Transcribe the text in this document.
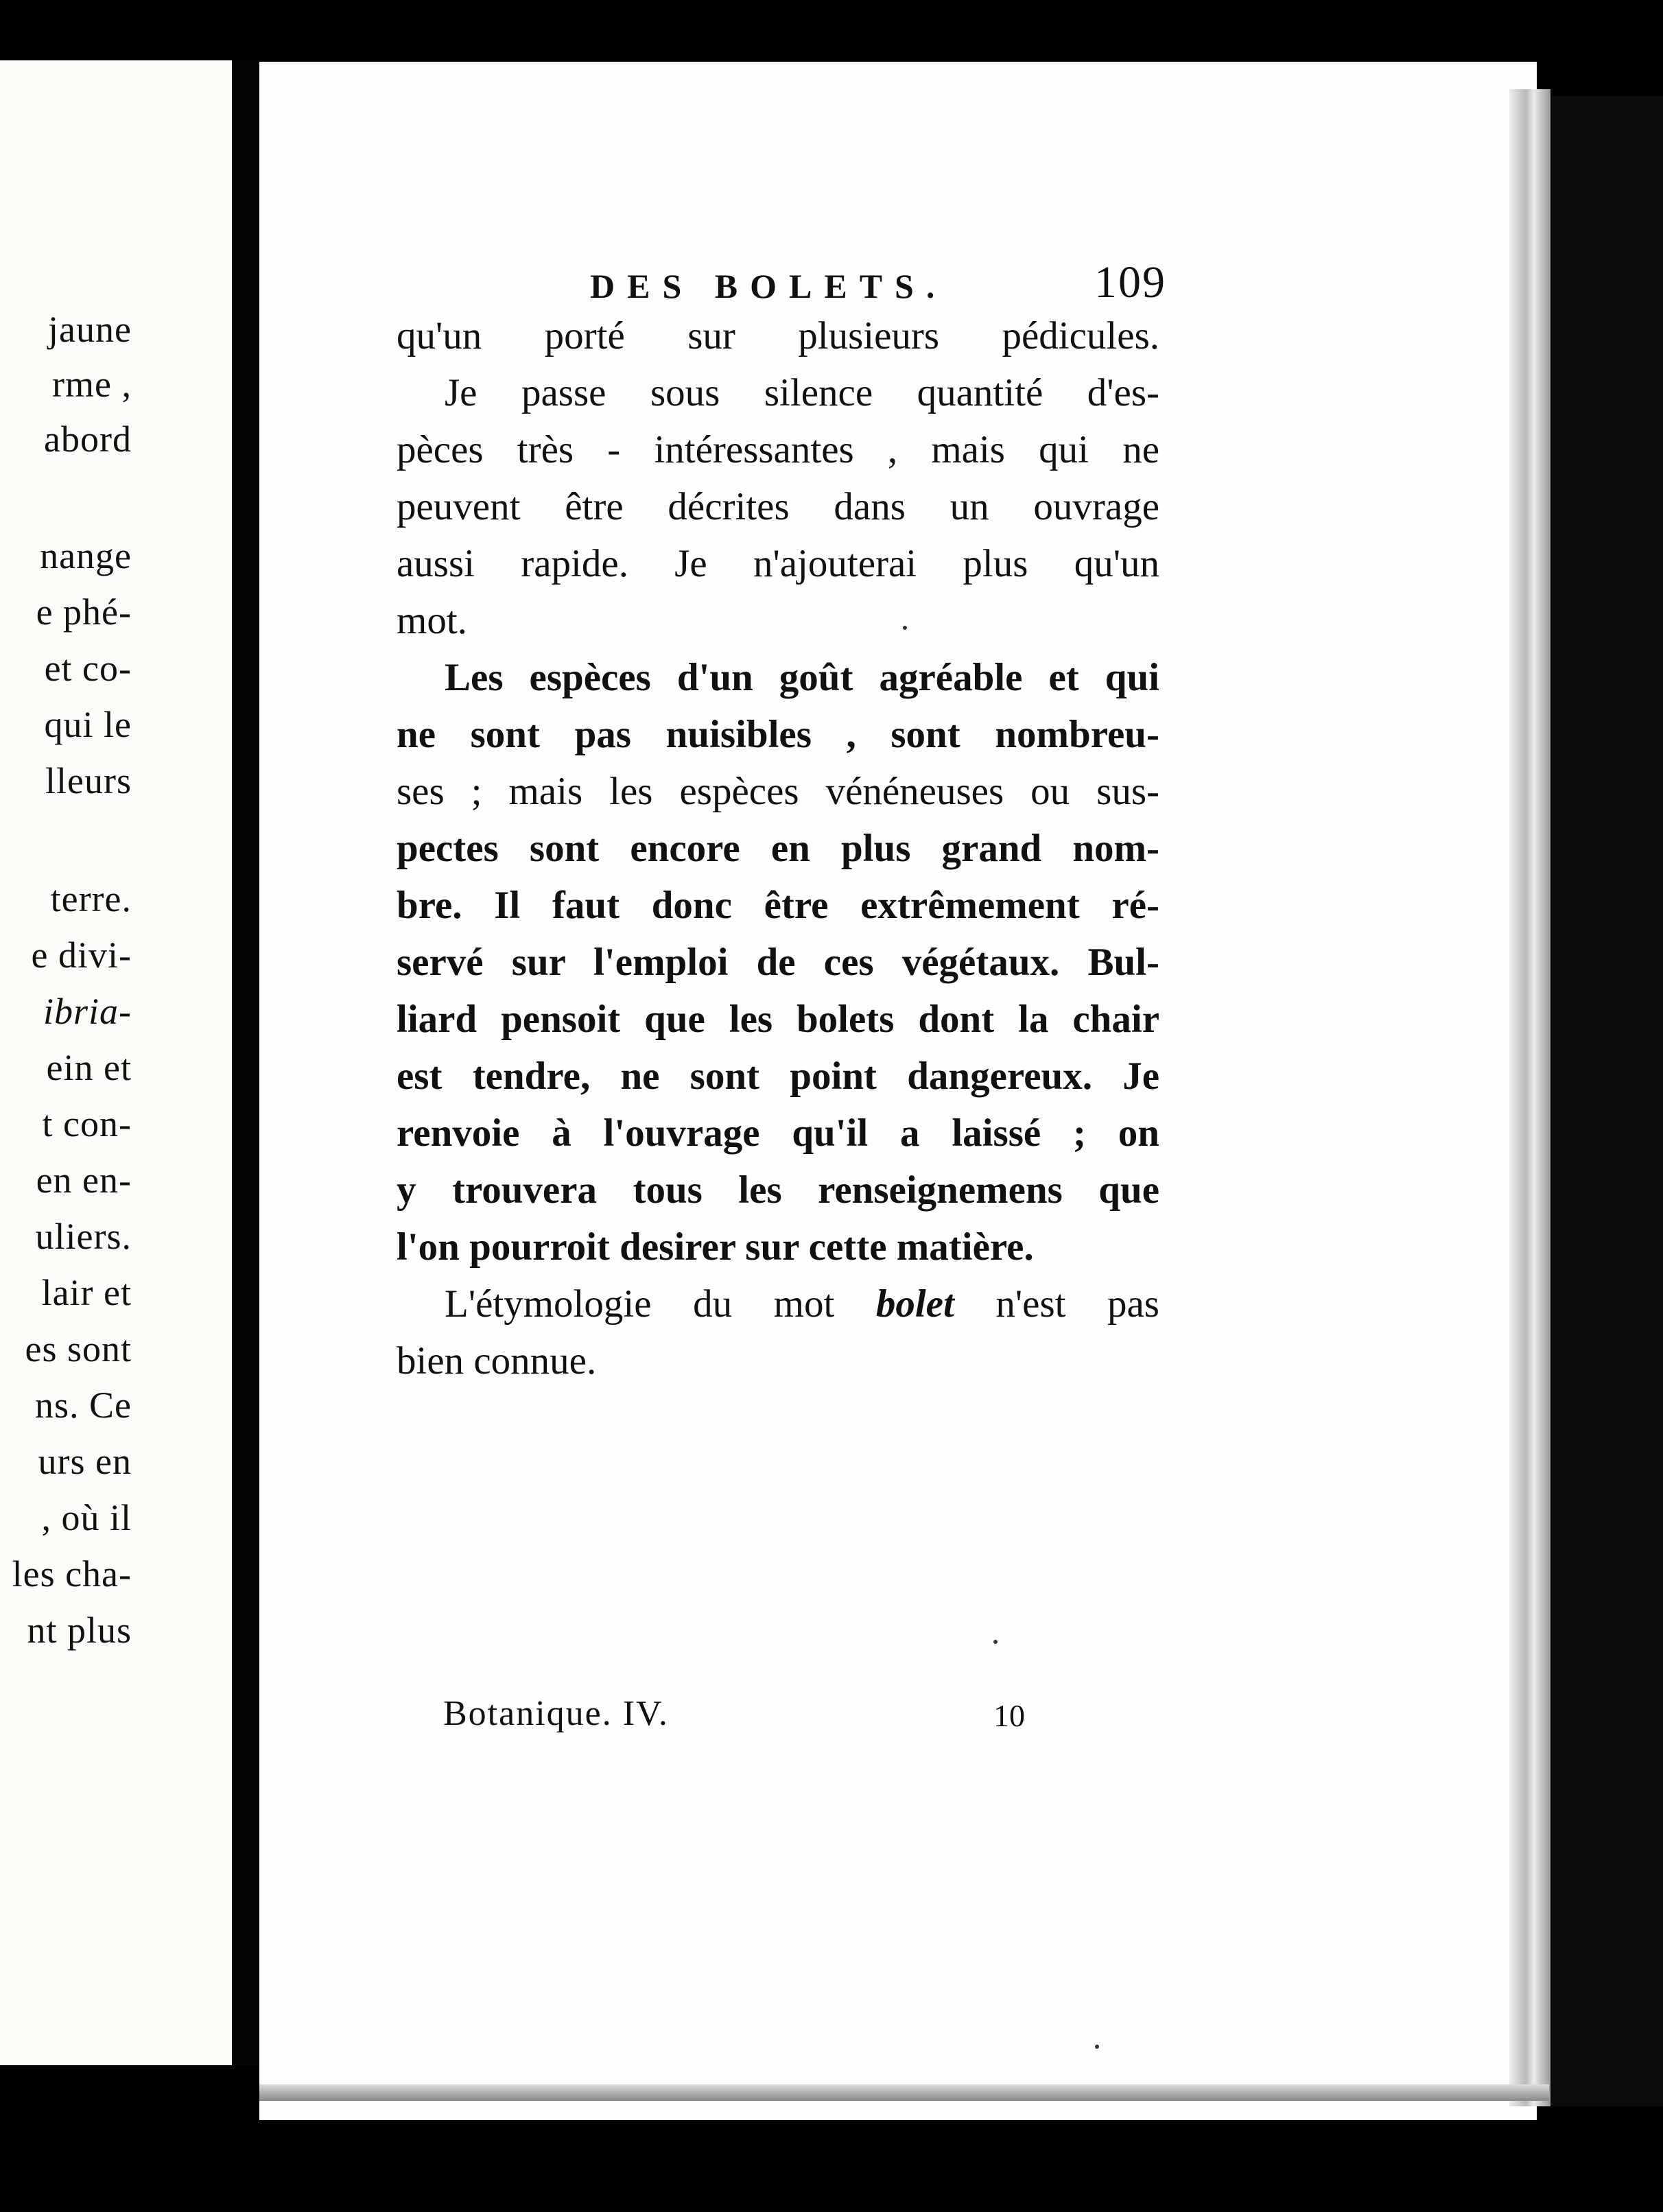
jaune
rme ,
abord
nange
e phé-
et co-
qui le
lleurs
terre.
e divi-
ibria-
ein et
t con-
en en-
uliers.
lair et
es sont
ns. Ce
urs en
, où il
les cha-
nt plus
DES BOLETS.	109
qu'un porté sur plusieurs pédicules.
Je passe sous silence quantité d'es-
pèces très - intéressantes , mais qui ne
peuvent être décrites dans un ouvrage
aussi rapide. Je n'ajouterai plus qu'un
mot.
Les espèces d'un goût agréable et qui
ne sont pas nuisibles , sont nombreu-
ses ; mais les espèces vénéneuses ou sus-
pectes sont encore en plus grand nom-
bre. Il faut donc être extrêmement ré-
servé sur l'emploi de ces végétaux. Bul-
liard pensoit que les bolets dont la chair
est tendre, ne sont point dangereux. Je
renvoie à l'ouvrage qu'il a laissé ; on
y trouvera tous les renseignemens que
l'on pourroit desirer sur cette matière.
L'étymologie du mot bolet n'est pas
bien connue.
Botanique. IV.	10
